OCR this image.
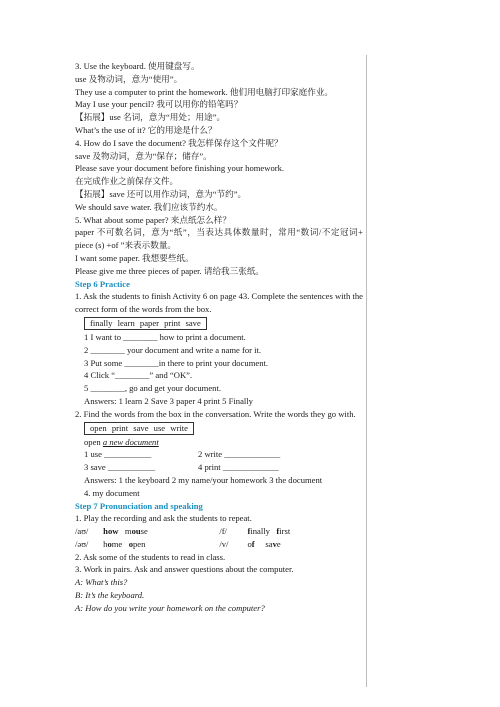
3. Use the keyboard. 使用键盘写。
use 及物动词，意为“使用”。
They use a computer to print the homework. 他们用电脑打印家庭作业。
May I use your pencil? 我可以用你的铅笔吗？
【拓展】use 名词，意为“用处；用途”。
What’s the use of it? 它的用途是什么？
4. How do I save the document? 我怎样保存这个文件呢？
save 及物动词，意为“保存；储存”。
Please save your document before finishing your homework.
在完成作业之前保存文件。
【拓展】save 还可以用作动词，意为“节约”。
We should save water. 我们应该节约水。
5. What about some paper? 来点纸怎么样？
paper 不可数名词，意为“纸”，当表达具体数量时，常用“数词/不定冠词+ piece (s) +of ”来表示数量。
I want some paper. 我想要些纸。
Please give me three pieces of paper. 请给我三张纸。
Step 6 Practice
1. Ask the students to finish Activity 6 on page 43. Complete the sentences with the correct form of the words from the box.
finally learn paper print save
1 I want to ________ how to print a document.
2 ________ your document and write a name for it.
3 Put some ________in there to print your document.
4 Click “________” and “OK”.
5 ________, go and get your document.
Answers: 1 learn 2 Save 3 paper 4 print 5 Finally
2. Find the words from the box in the conversation. Write the words they go with.
open print save use write
open a new document
1 use ___________	2 write _____________
3 save ___________	4 print _____________
Answers: 1 the keyboard 2 my name/your homework 3 the document
4. my document
Step 7 Pronunciation and speaking
1. Play the recording and ask the students to repeat.
/aʊ/ how mouse	/f/ finally first
/əʊ/ home open	/v/ of save
2. Ask some of the students to read in class.
3. Work in pairs. Ask and answer questions about the computer.
A: What’s this?
B: It’s the keyboard.
A: How do you write your homework on the computer?
